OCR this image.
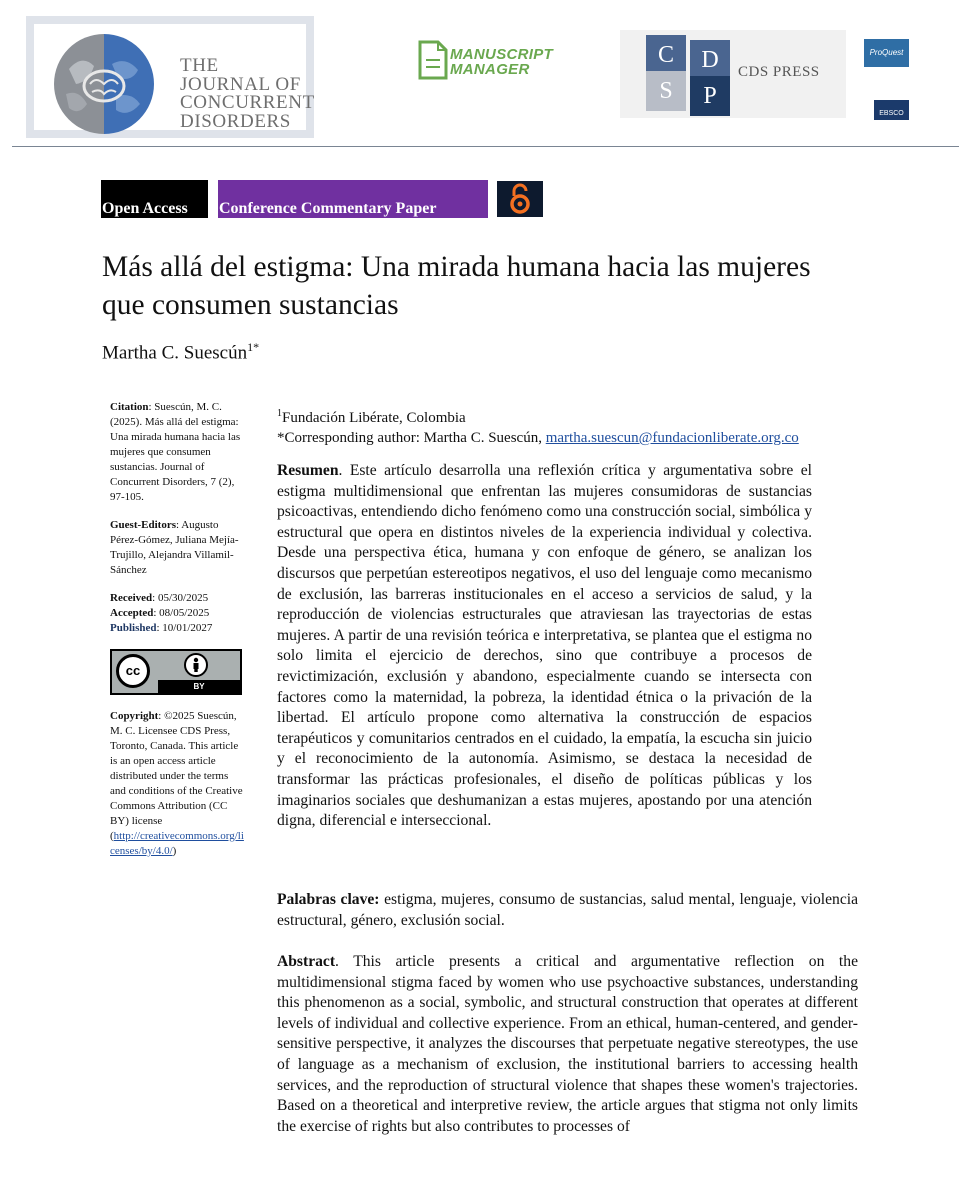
THE
JOURNAL OF
CONCURRENT
DISORDERS
MANUSCRIPT
MANAGER
C	D
S	P
CDS PRESS
ProQuest
EBSCO
Open Access Conference Commentary Paper
Más allá del estigma: Una mirada humana hacia las mujeres que consumen sustancias
Martha C. Suescún$^{1*}$

Citation: Suescún, M. C. (2025). Más allá del estigma: Una mirada humana hacia las mujeres que consumen sustancias. Journal of Concurrent Disorders, 7 (2), 97-105.

Guest-Editors: Augusto Pérez-Gómez, Juliana Mejía-Trujillo, Alejandra Villamil-Sánchez

Received: 05/30/2025
Accepted: 08/05/2025
Published: 10/01/2027

cc
BY

Copyright: ©2025 Suescún, M. C. Licensee CDS Press, Toronto, Canada. This article is an open access article distributed under the terms and conditions of the Creative Commons Attribution (CC BY) license
(http://creativecommons.org/licenses/by/4.0/)

$^1$Fundación Libérate, Colombia
*Corresponding author: Martha C. Suescún, martha.suescun@fundacionliberate.org.co

Resumen. Este artículo desarrolla una reflexión crítica y argumentativa sobre el estigma multidimensional que enfrentan las mujeres consumidoras de sustancias psicoactivas, entendiendo dicho fenómeno como una construcción social, simbólica y estructural que opera en distintos niveles de la experiencia individual y colectiva. Desde una perspectiva ética, humana y con enfoque de género, se analizan los discursos que perpetúan estereotipos negativos, el uso del lenguaje como mecanismo de exclusión, las barreras institucionales en el acceso a servicios de salud, y la reproducción de violencias estructurales que atraviesan las trayectorias de estas mujeres. A partir de una revisión teórica e interpretativa, se plantea que el estigma no solo limita el ejercicio de derechos, sino que contribuye a procesos de revictimización, exclusión y abandono, especialmente cuando se intersecta con factores como la maternidad, la pobreza, la identidad étnica o la privación de la libertad. El artículo propone como alternativa la construcción de espacios terapéuticos y comunitarios centrados en el cuidado, la empatía, la escucha sin juicio y el reconocimiento de la autonomía. Asimismo, se destaca la necesidad de transformar las prácticas profesionales, el diseño de políticas públicas y los imaginarios sociales que deshumanizan a estas mujeres, apostando por una atención digna, diferencial e interseccional.

Palabras clave: estigma, mujeres, consumo de sustancias, salud mental, lenguaje, violencia estructural, género, exclusión social.

Abstract. This article presents a critical and argumentative reflection on the multidimensional stigma faced by women who use psychoactive substances, understanding this phenomenon as a social, symbolic, and structural construction that operates at different levels of individual and collective experience. From an ethical, human-centered, and gender-sensitive perspective, it analyzes the discourses that perpetuate negative stereotypes, the use of language as a mechanism of exclusion, the institutional barriers to accessing health services, and the reproduction of structural violence that shapes these women's trajectories. Based on a theoretical and interpretive review, the article argues that stigma not only limits the exercise of rights but also contributes to processes of
